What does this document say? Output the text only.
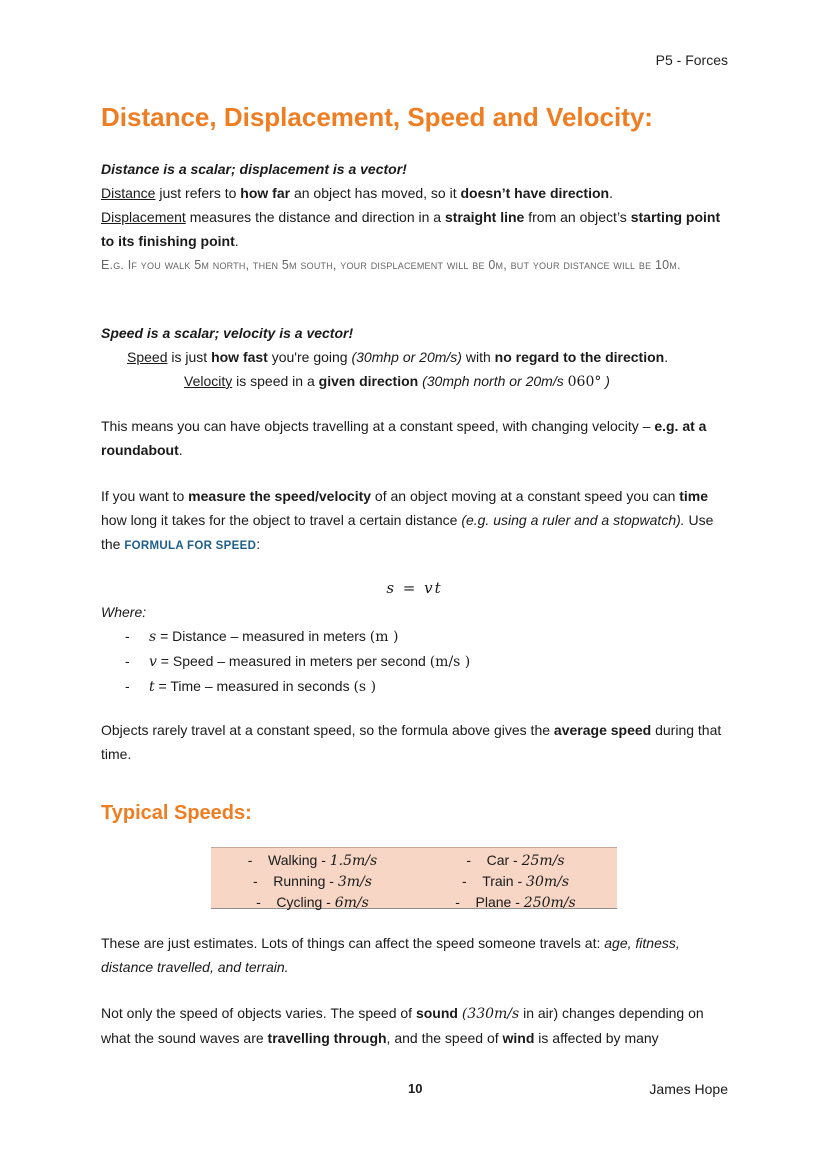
P5 - Forces
Distance, Displacement, Speed and Velocity:
Distance is a scalar; displacement is a vector!
Distance just refers to how far an object has moved, so it doesn’t have direction.
Displacement measures the distance and direction in a straight line from an object’s starting point to its finishing point.
E.g. If you walk 5m north, then 5m south, your displacement will be 0m, but your distance will be 10m.
Speed is a scalar; velocity is a vector!
Speed is just how fast you're going (30mhp or 20m/s) with no regard to the direction.
Velocity is speed in a given direction (30mph north or 20m/s 060° )
This means you can have objects travelling at a constant speed, with changing velocity – e.g. at a roundabout.
If you want to measure the speed/velocity of an object moving at a constant speed you can time how long it takes for the object to travel a certain distance (e.g. using a ruler and a stopwatch). Use the FORMULA FOR SPEED:
s = vt
Where:
- s = Distance – measured in meters (m )
- v = Speed – measured in meters per second (m/s )
- t = Time – measured in seconds (s )
Objects rarely travel at a constant speed, so the formula above gives the average speed during that time.
Typical Speeds:
-    Walking - 1.5m/s
-    Running - 3m/s
-    Cycling - 6m/s
-    Car - 25m/s
-    Train - 30m/s
-    Plane - 250m/s
These are just estimates. Lots of things can affect the speed someone travels at: age, fitness, distance travelled, and terrain.
Not only the speed of objects varies. The speed of sound (330m/s in air) changes depending on what the sound waves are travelling through, and the speed of wind is affected by many
10	James Hope
